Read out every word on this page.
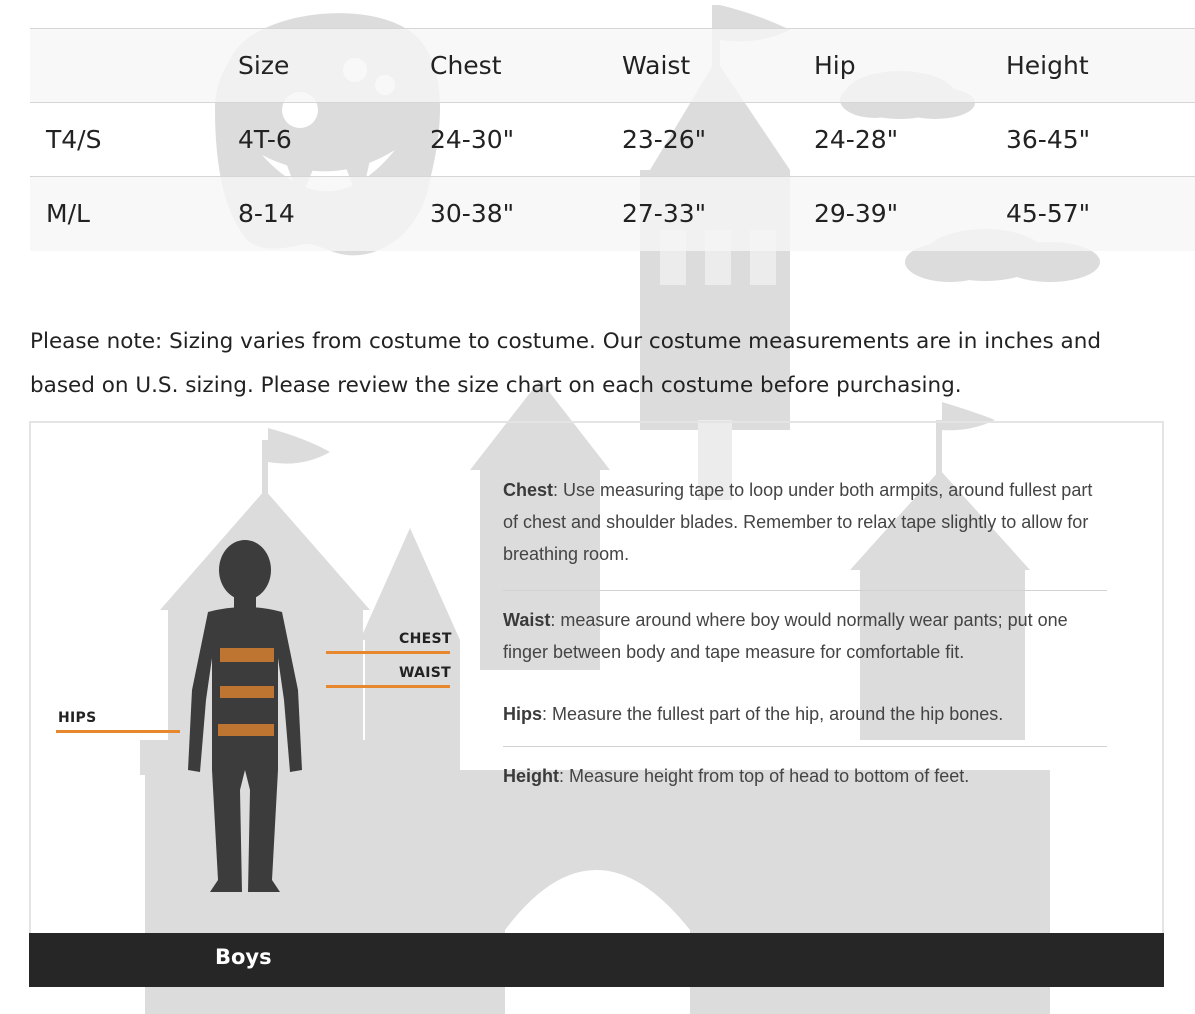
	Size	Chest	Waist	Hip	Height
T4/S	4T-6	24-30"	23-26"	24-28"	36-45"
M/L	8-14	30-38"	27-33"	29-39"	45-57"

Please note: Sizing varies from costume to costume. Our costume measurements are in inches and based on U.S. sizing. Please review the size chart on each costume before purchasing.

CHEST
WAIST
HIPS
Chest: Use measuring tape to loop under both armpits, around fullest part of chest and shoulder blades. Remember to relax tape slightly to allow for breathing room.
Waist: measure around where boy would normally wear pants; put one finger between body and tape measure for comfortable fit.
Hips: Measure the fullest part of the hip, around the hip bones.
Height: Measure height from top of head to bottom of feet.
Boys
